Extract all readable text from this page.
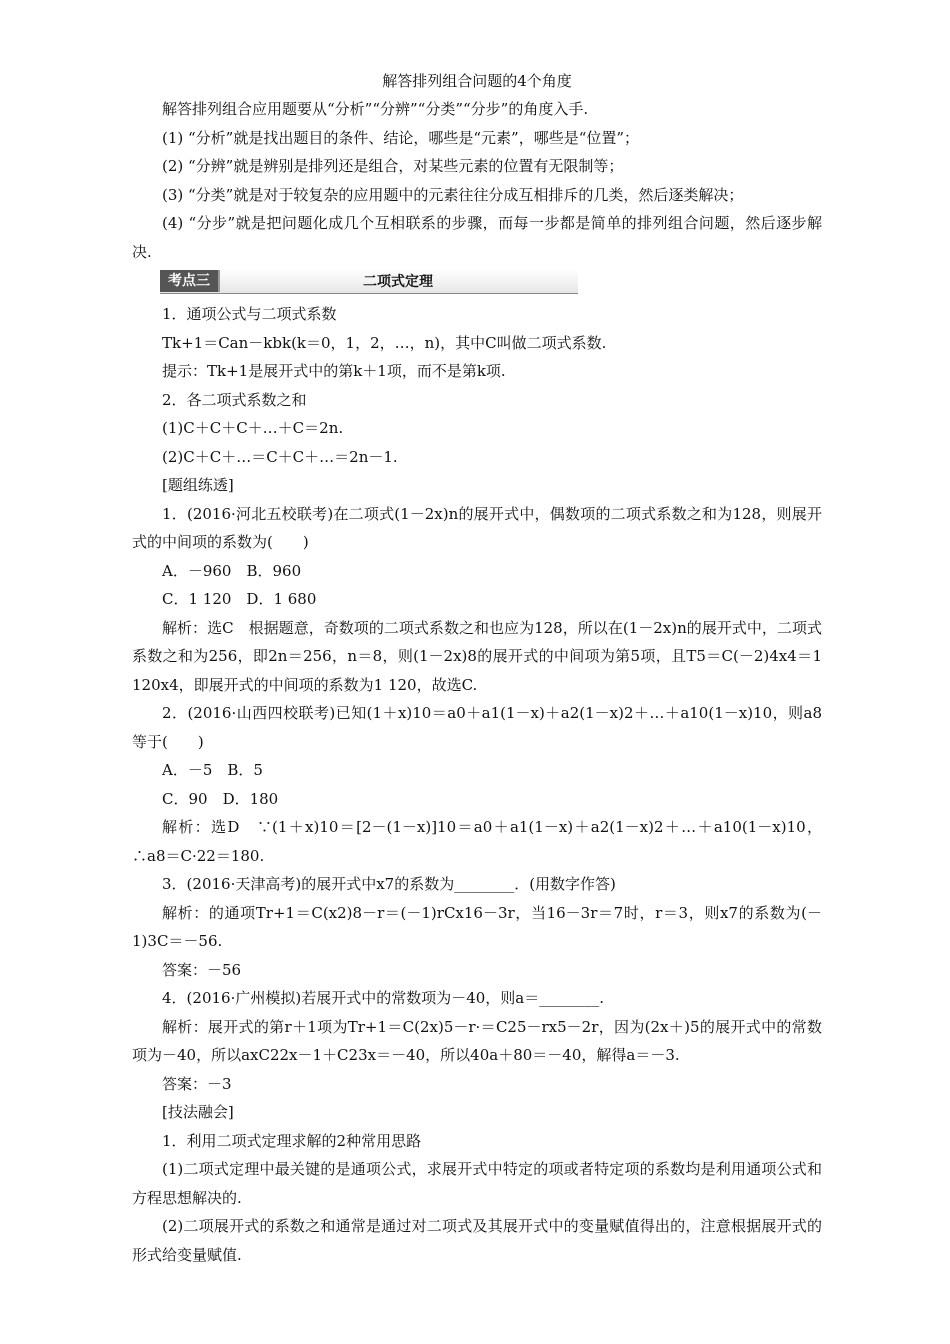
解答排列组合问题的4个角度

解答排列组合应用题要从“分析”“分辨”“分类”“分步”的角度入手.

(1) “分析”就是找出题目的条件、结论，哪些是“元素”，哪些是“位置”；

(2) “分辨”就是辨别是排列还是组合，对某些元素的位置有无限制等；

(3) “分类”就是对于较复杂的应用题中的元素往往分成互相排斥的几类，然后逐类解决；

(4) “分步”就是把问题化成几个互相联系的步骤，而每一步都是简单的排列组合问题，然后逐步解决.

考点三	二项式定理

1．通项公式与二项式系数

Tk+1＝Can－kbk(k＝0，1，2，…，n)，其中C叫做二项式系数.

提示：Tk+1是展开式中的第k＋1项，而不是第k项.

2．各二项式系数之和

(1)C＋C＋C＋…＋C＝2n.

(2)C＋C＋…＝C＋C＋…＝2n－1.

[题组练透]

1．(2016·河北五校联考)在二项式(1－2x)n的展开式中，偶数项的二项式系数之和为128，则展开式的中间项的系数为(　　)

A．－960　B．960

C．1 120　D．1 680

解析：选C　根据题意，奇数项的二项式系数之和也应为128，所以在(1－2x)n的展开式中，二项式系数之和为256，即2n＝256，n＝8，则(1－2x)8的展开式的中间项为第5项，且T5＝C(－2)4x4＝1 120x4，即展开式的中间项的系数为1 120，故选C.

2．(2016·山西四校联考)已知(1＋x)10＝a0＋a1(1－x)＋a2(1－x)2＋…＋a10(1－x)10，则a8等于(　　)

A．－5　B．5

C．90　D．180

解析：选D　∵(1＋x)10＝[2－(1－x)]10＝a0＋a1(1－x)＋a2(1－x)2＋…＋a10(1－x)10，∴a8＝C·22＝180.

3．(2016·天津高考)的展开式中x7的系数为________．(用数字作答)

解析：的通项Tr+1＝C(x2)8－r＝(－1)rCx16－3r，当16－3r＝7时，r＝3，则x7的系数为(－1)3C＝－56.

答案：－56

4．(2016·广州模拟)若展开式中的常数项为－40，则a＝________.

解析：展开式的第r＋1项为Tr+1＝C(2x)5－r·＝C25－rx5－2r，因为(2x＋)5的展开式中的常数项为－40，所以axC22x－1＋C23x＝－40，所以40a＋80＝－40，解得a＝－3.

答案：－3

[技法融会]

1．利用二项式定理求解的2种常用思路

(1)二项式定理中最关键的是通项公式，求展开式中特定的项或者特定项的系数均是利用通项公式和方程思想解决的.

(2)二项展开式的系数之和通常是通过对二项式及其展开式中的变量赋值得出的，注意根据展开式的形式给变量赋值.
